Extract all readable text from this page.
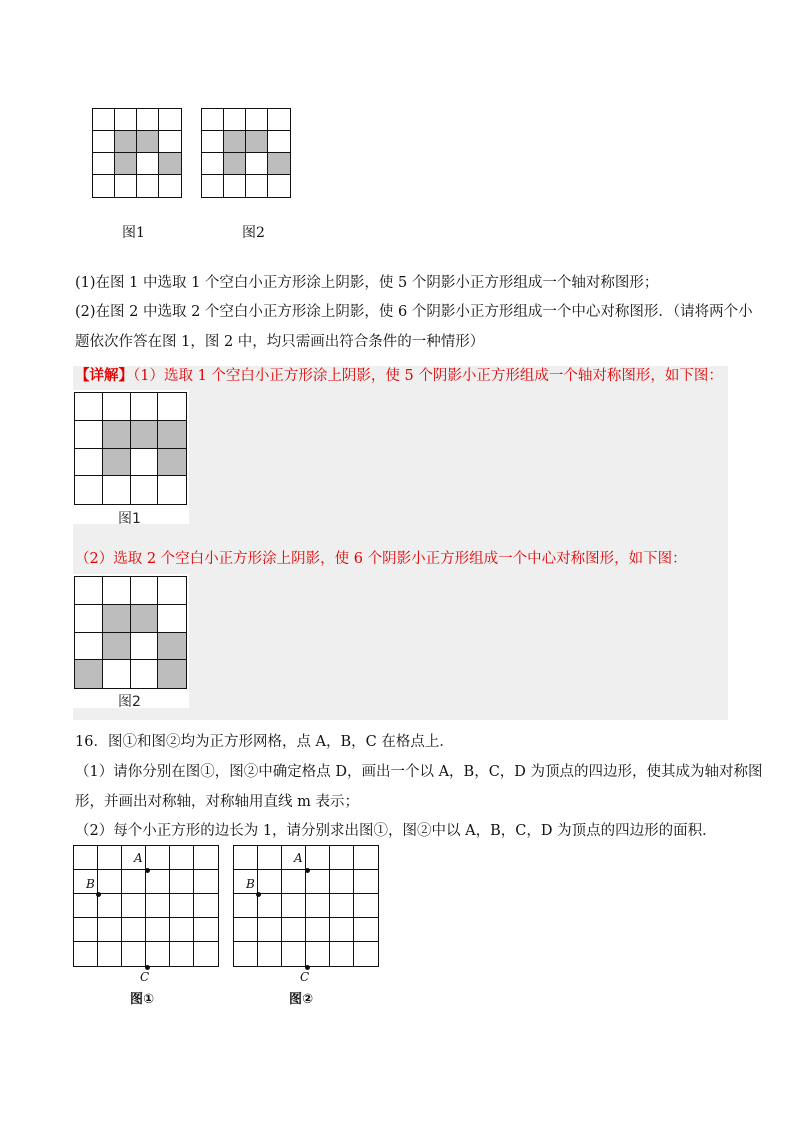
图1	图2
(1)在图 1 中选取 1 个空白小正方形涂上阴影，使 5 个阴影小正方形组成一个轴对称图形；
(2)在图 2 中选取 2 个空白小正方形涂上阴影，使 6 个阴影小正方形组成一个中心对称图形．（请将两个小
题依次作答在图 1，图 2 中，均只需画出符合条件的一种情形）
【详解】（1）选取 1 个空白小正方形涂上阴影，使 5 个阴影小正方形组成一个轴对称图形，如下图：
图1
（2）选取 2 个空白小正方形涂上阴影，使 6 个阴影小正方形组成一个中心对称图形，如下图：
图2
16．图①和图②均为正方形网格，点 A，B，C 在格点上．
（1）请你分别在图①，图②中确定格点 D，画出一个以 A，B，C，D 为顶点的四边形，使其成为轴对称图
形，并画出对称轴，对称轴用直线 m 表示；
（2）每个小正方形的边长为 1，请分别求出图①，图②中以 A，B，C，D 为顶点的四边形的面积．
A
B
C
图①
A
B
C
图②
